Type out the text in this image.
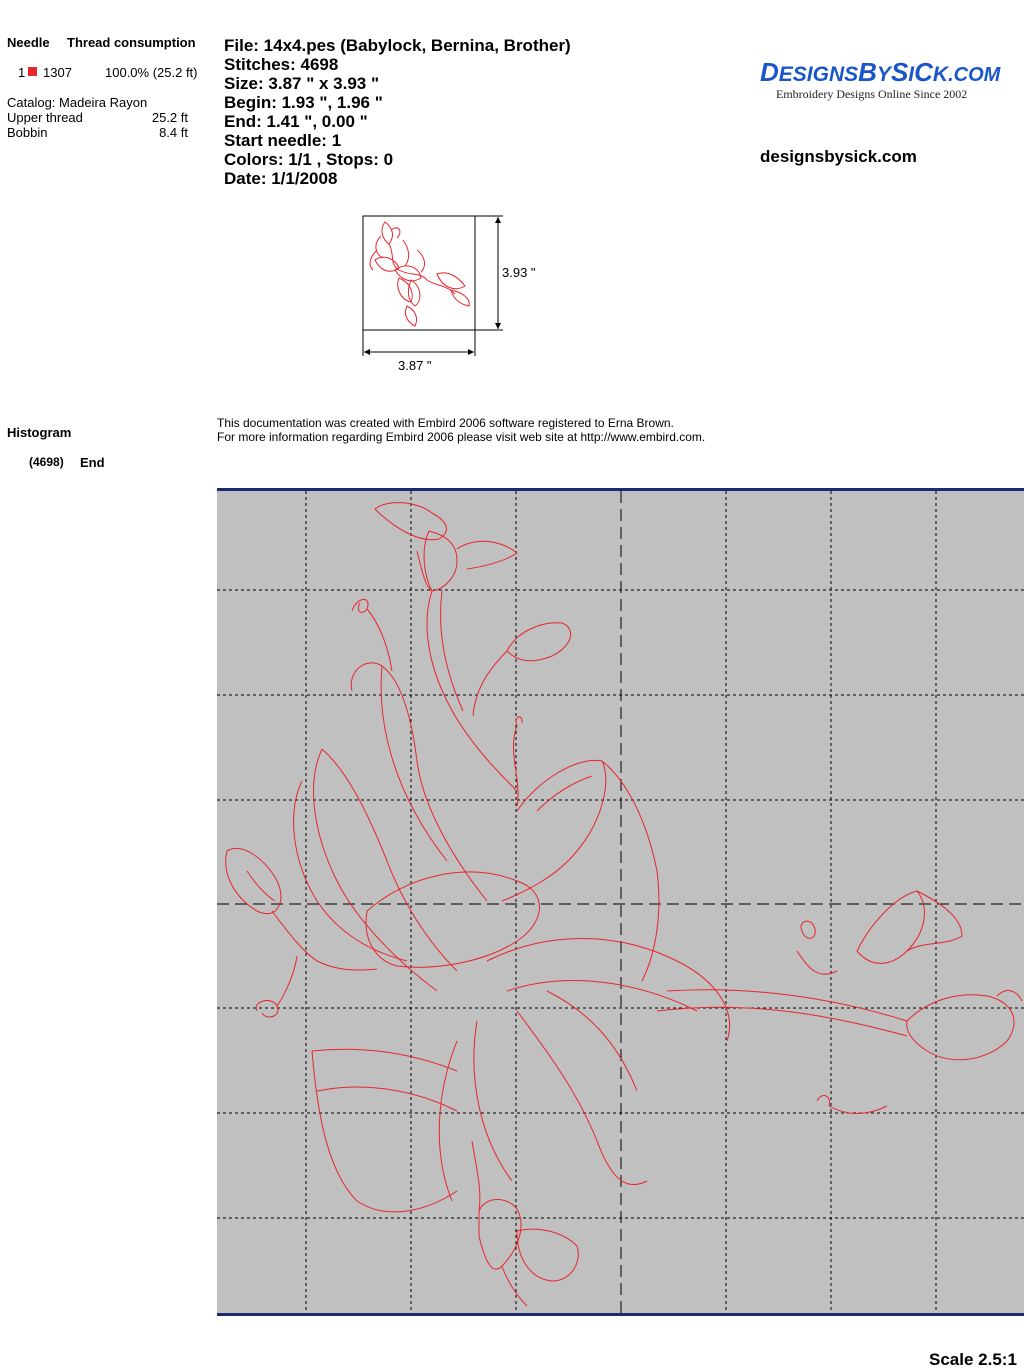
Needle Thread consumption
1 1307	100.0% (25.2 ft)
Catalog: Madeira Rayon
Upper thread	25.2 ft
Bobbin	8.4 ft

File: 14x4.pes (Babylock, Bernina, Brother)

Stitches: 4698

Size: 3.87 " x 3.93 "

Begin: 1.93 ", 1.96 "

End: 1.41 ", 0.00 "

Start needle: 1

Colors: 1/1 , Stops: 0

Date: 1/1/2008

DESIGNSBYSICK.COM
Embroidery Designs Online Since 2002
designsbysick.com
3.93 "
3.87 "
Histogram
(4698) End
This documentation was created with Embird 2006 software registered to Erna Brown.
For more information regarding Embird 2006 please visit web site at http://www.embird.com.
Scale 2.5:1
